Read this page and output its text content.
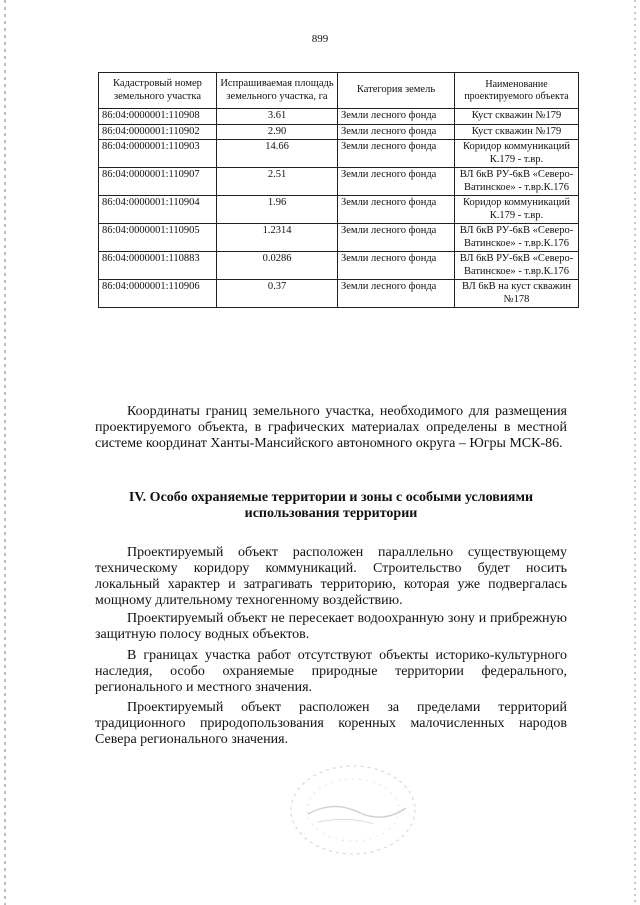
899
Кадастровый номер земельного участка	Испрашиваемая площадь земельного участка, га	Категория земель	Наименование проектируемого объекта
86:04:0000001:110908	3.61	Земли лесного фонда	Куст скважин №179
86:04:0000001:110902	2.90	Земли лесного фонда	Куст скважин №179
86:04:0000001:110903	14.66	Земли лесного фонда	Коридор коммуникаций К.179 - т.вр.
86:04:0000001:110907	2.51	Земли лесного фонда	ВЛ 6кВ РУ-6кВ «Северо-Ватинское» - т.вр.К.176
86:04:0000001:110904	1.96	Земли лесного фонда	Коридор коммуникаций К.179 - т.вр.
86:04:0000001:110905	1.2314	Земли лесного фонда	ВЛ 6кВ РУ-6кВ «Северо-Ватинское» - т.вр.К.176
86:04:0000001:110883	0.0286	Земли лесного фонда	ВЛ 6кВ РУ-6кВ «Северо-Ватинское» - т.вр.К.176
86:04:0000001:110906	0.37	Земли лесного фонда	ВЛ 6кВ на куст скважин №178

Координаты границ земельного участка, необходимого для размещения проектируемого объекта, в графических материалах определены в местной системе координат Ханты-Мансийского автономного округа – Югры МСК-86.

IV. Особо охраняемые территории и зоны с особыми условиями использования территории

Проектируемый объект расположен параллельно существующему техническому коридору коммуникаций. Строительство будет носить локальный характер и затрагивать территорию, которая уже подвергалась мощному длительному техногенному воздействию.

Проектируемый объект не пересекает водоохранную зону и прибрежную защитную полосу водных объектов.

В границах участка работ отсутствуют объекты историко-культурного наследия, особо охраняемые природные территории федерального, регионального и местного значения.

Проектируемый объект расположен за пределами территорий традиционного природопользования коренных малочисленных народов Севера регионального значения.
